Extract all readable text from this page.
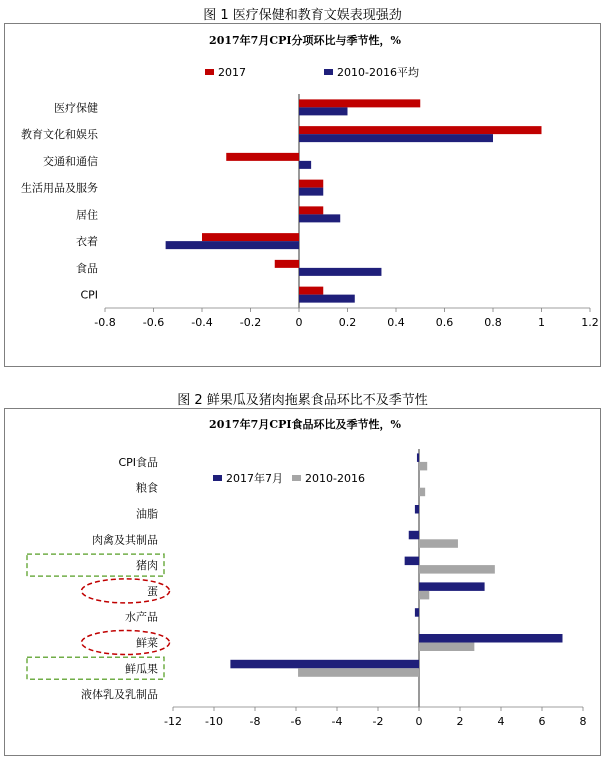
图 1 医疗保健和教育文娱表现强劲
2017年7月CPI分项环比与季节性，%
2017	2010-2016平均
-0.8 -0.6 -0.4 -0.2	0	0.2	0.4	0.6	0.8	1	1.2
医疗保健
教育文化和娱乐
交通和通信
生活用品及服务
居住
衣着
食品
CPI
图 2 鲜果瓜及猪肉拖累食品环比不及季节性
2017年7月CPI食品环比及季节性，%
2017年7月 2010-2016
-12 -10 -8	-6	-4	-2	0	2	4	6	8
CPI食品
粮食
油脂
肉禽及其制品
猪肉
蛋
水产品
鲜菜
鲜瓜果
液体乳及乳制品
